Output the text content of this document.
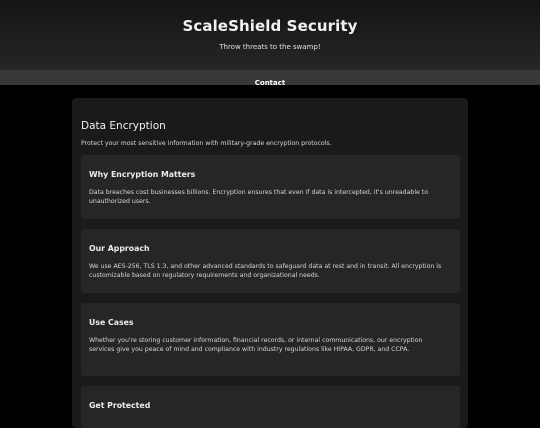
ScaleShield Security

Throw threats to the swamp!

Contact
Data Encryption

Protect your most sensitive information with military-grade encryption protocols.

Why Encryption Matters

Data breaches cost businesses billions. Encryption ensures that even if data is intercepted, it's unreadable to unauthorized users.

Our Approach

We use AES-256, TLS 1.3, and other advanced standards to safeguard data at rest and in transit. All encryption is customizable based on regulatory requirements and organizational needs.

Use Cases

Whether you're storing customer information, financial records, or internal communications, our encryption services give you peace of mind and compliance with industry regulations like HIPAA, GDPR, and CCPA.

Get Protected
